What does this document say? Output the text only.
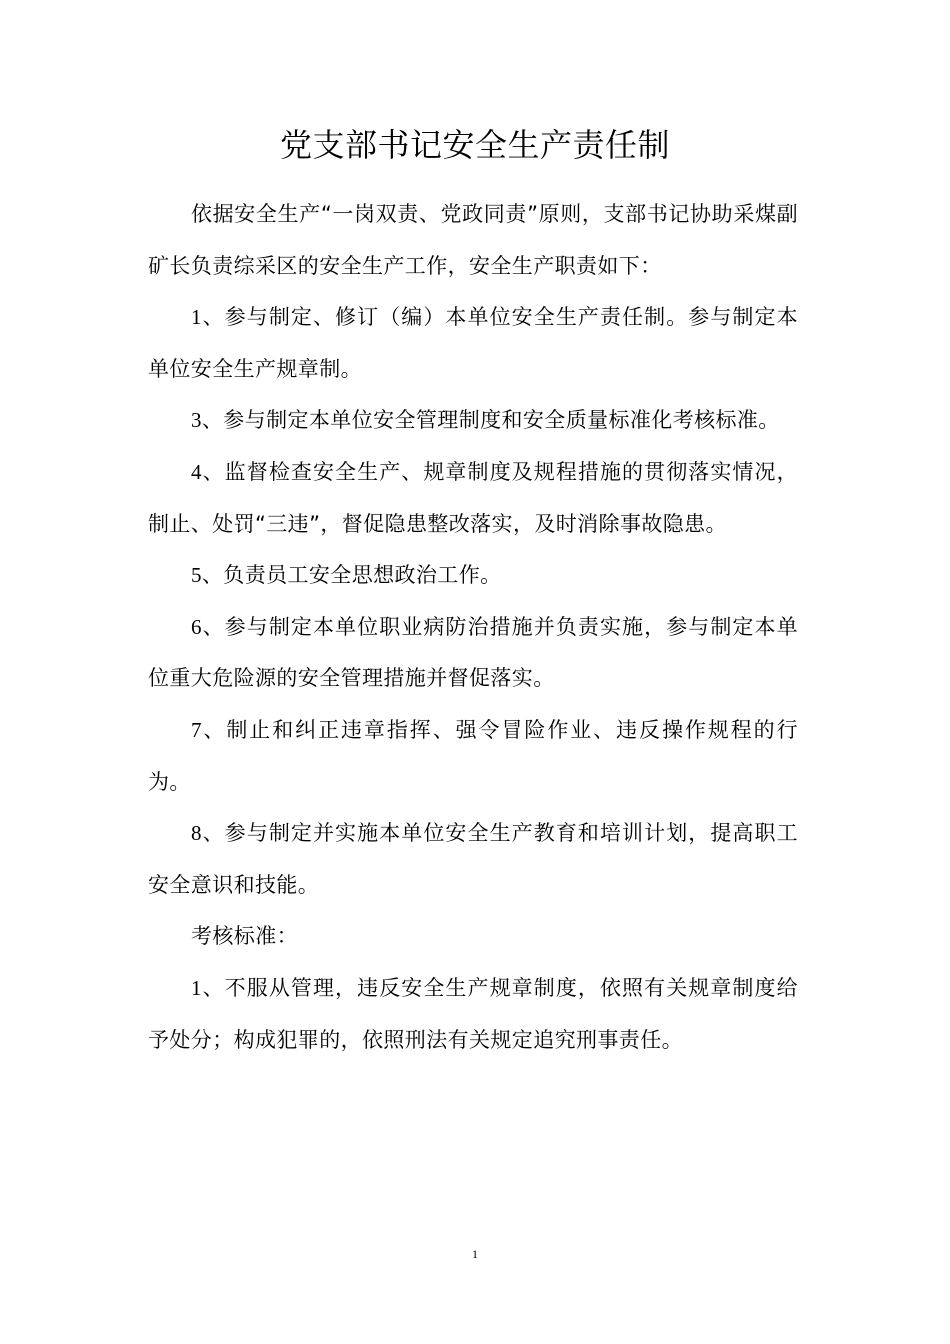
党支部书记安全生产责任制

依据安全生产“一岗双责、党政同责”原则，支部书记协助采煤副矿长负责综采区的安全生产工作，安全生产职责如下：

1、参与制定、修订（编）本单位安全生产责任制。参与制定本单位安全生产规章制。

3、参与制定本单位安全管理制度和安全质量标准化考核标准。

4、监督检查安全生产、规章制度及规程措施的贯彻落实情况，制止、处罚“三违”，督促隐患整改落实，及时消除事故隐患。

5、负责员工安全思想政治工作。

6、参与制定本单位职业病防治措施并负责实施，参与制定本单位重大危险源的安全管理措施并督促落实。

7、制止和纠正违章指挥、强令冒险作业、违反操作规程的行为。

8、参与制定并实施本单位安全生产教育和培训计划，提高职工安全意识和技能。

考核标准：

1、不服从管理，违反安全生产规章制度，依照有关规章制度给予处分；构成犯罪的，依照刑法有关规定追究刑事责任。

1
